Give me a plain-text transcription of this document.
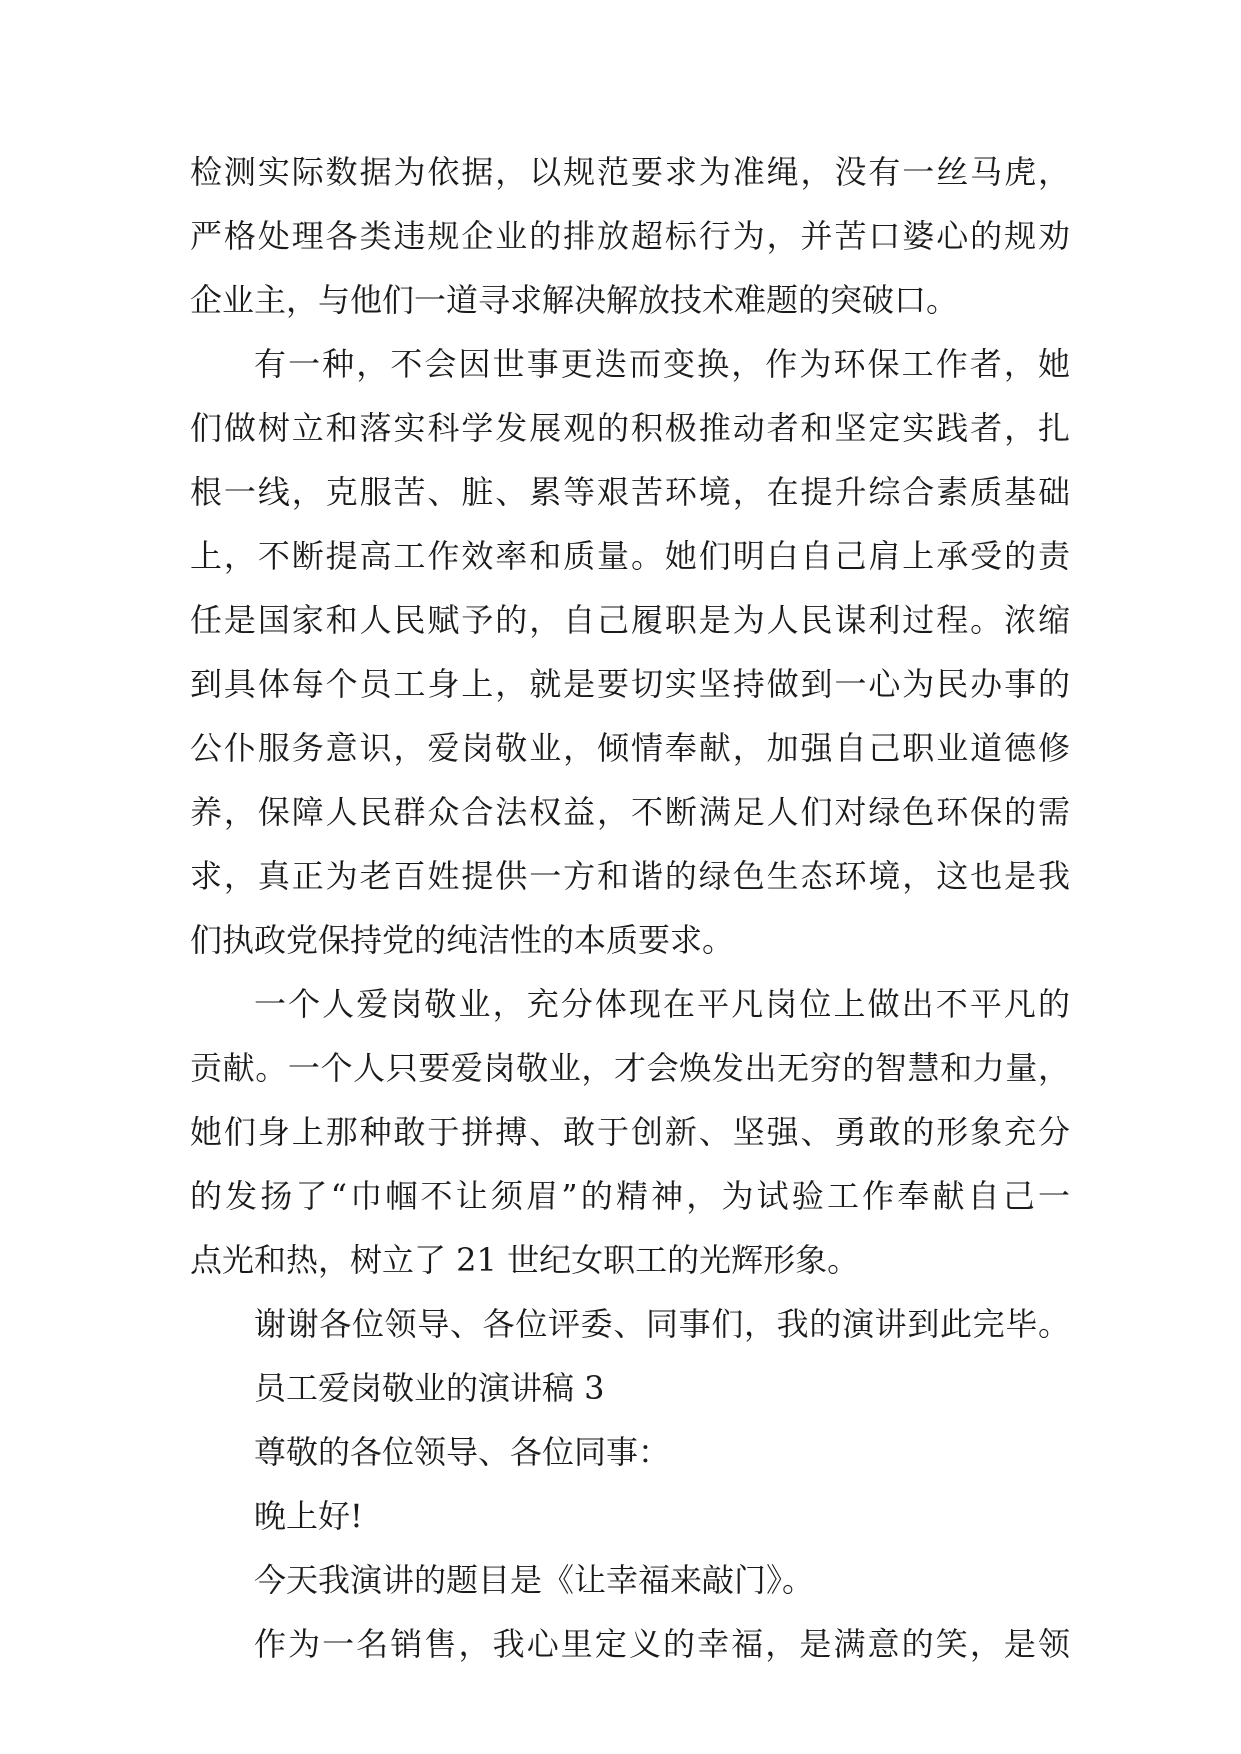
检测实际数据为依据，以规范要求为准绳，没有一丝马虎，
严格处理各类违规企业的排放超标行为，并苦口婆心的规劝
企业主，与他们一道寻求解决解放技术难题的突破口。
有一种，不会因世事更迭而变换，作为环保工作者，她
们做树立和落实科学发展观的积极推动者和坚定实践者，扎
根一线，克服苦、脏、累等艰苦环境，在提升综合素质基础
上，不断提高工作效率和质量。她们明白自己肩上承受的责
任是国家和人民赋予的，自己履职是为人民谋利过程。浓缩
到具体每个员工身上，就是要切实坚持做到一心为民办事的
公仆服务意识，爱岗敬业，倾情奉献，加强自己职业道德修
养，保障人民群众合法权益，不断满足人们对绿色环保的需
求，真正为老百姓提供一方和谐的绿色生态环境，这也是我
们执政党保持党的纯洁性的本质要求。
一个人爱岗敬业，充分体现在平凡岗位上做出不平凡的
贡献。一个人只要爱岗敬业，才会焕发出无穷的智慧和力量，
她们身上那种敢于拼搏、敢于创新、坚强、勇敢的形象充分
的发扬了“巾帼不让须眉”的精神，为试验工作奉献自己一
点光和热，树立了 21 世纪女职工的光辉形象。
谢谢各位领导、各位评委、同事们，我的演讲到此完毕。
员工爱岗敬业的演讲稿 3
尊敬的各位领导、各位同事：
晚上好!
今天我演讲的题目是《让幸福来敲门》。
作为一名销售，我心里定义的幸福，是满意的笑，是领
